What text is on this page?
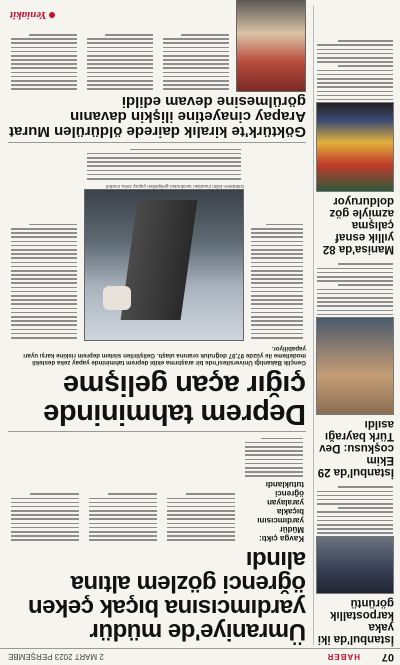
07
HABER
2 MART 2023 PERŞEMBE
İstanbul'da iki yaka karpostallık görüntü
İstanbul'da 29 Ekim coşkusu: Dev Türk bayrağı asıldı
Manisa'da 82 yıllık esnaf çalışma azmiyle göz dolduruyor
Ümraniye'de müdür yardımcısına bıçak çeken öğrenci gözlem altına alındı
Kavga çıktı: Müdür yardımcısını bıçakla yaralayan öğrenci tutuklandı
Deprem tahmininde çığır açan gelişme
Gençlik Bakanlığı Üniversitesi'nde bir araştırma ekibi deprem tahmininde yapay zeka destekli modelleme ile yüzde 97,97 doğruluk oranına ulaştı. Geliştirilen sistem deprem riskine karşı uyarı yapabiliyor.
Gökdelen bilim insanları tarafından geliştirilen yapay zeka modeli
Göktürk'te kiralık dairede öldürülen Murat Arapay cinayetine ilişkin davanın görülmesine devam edildi
Yeniakit
